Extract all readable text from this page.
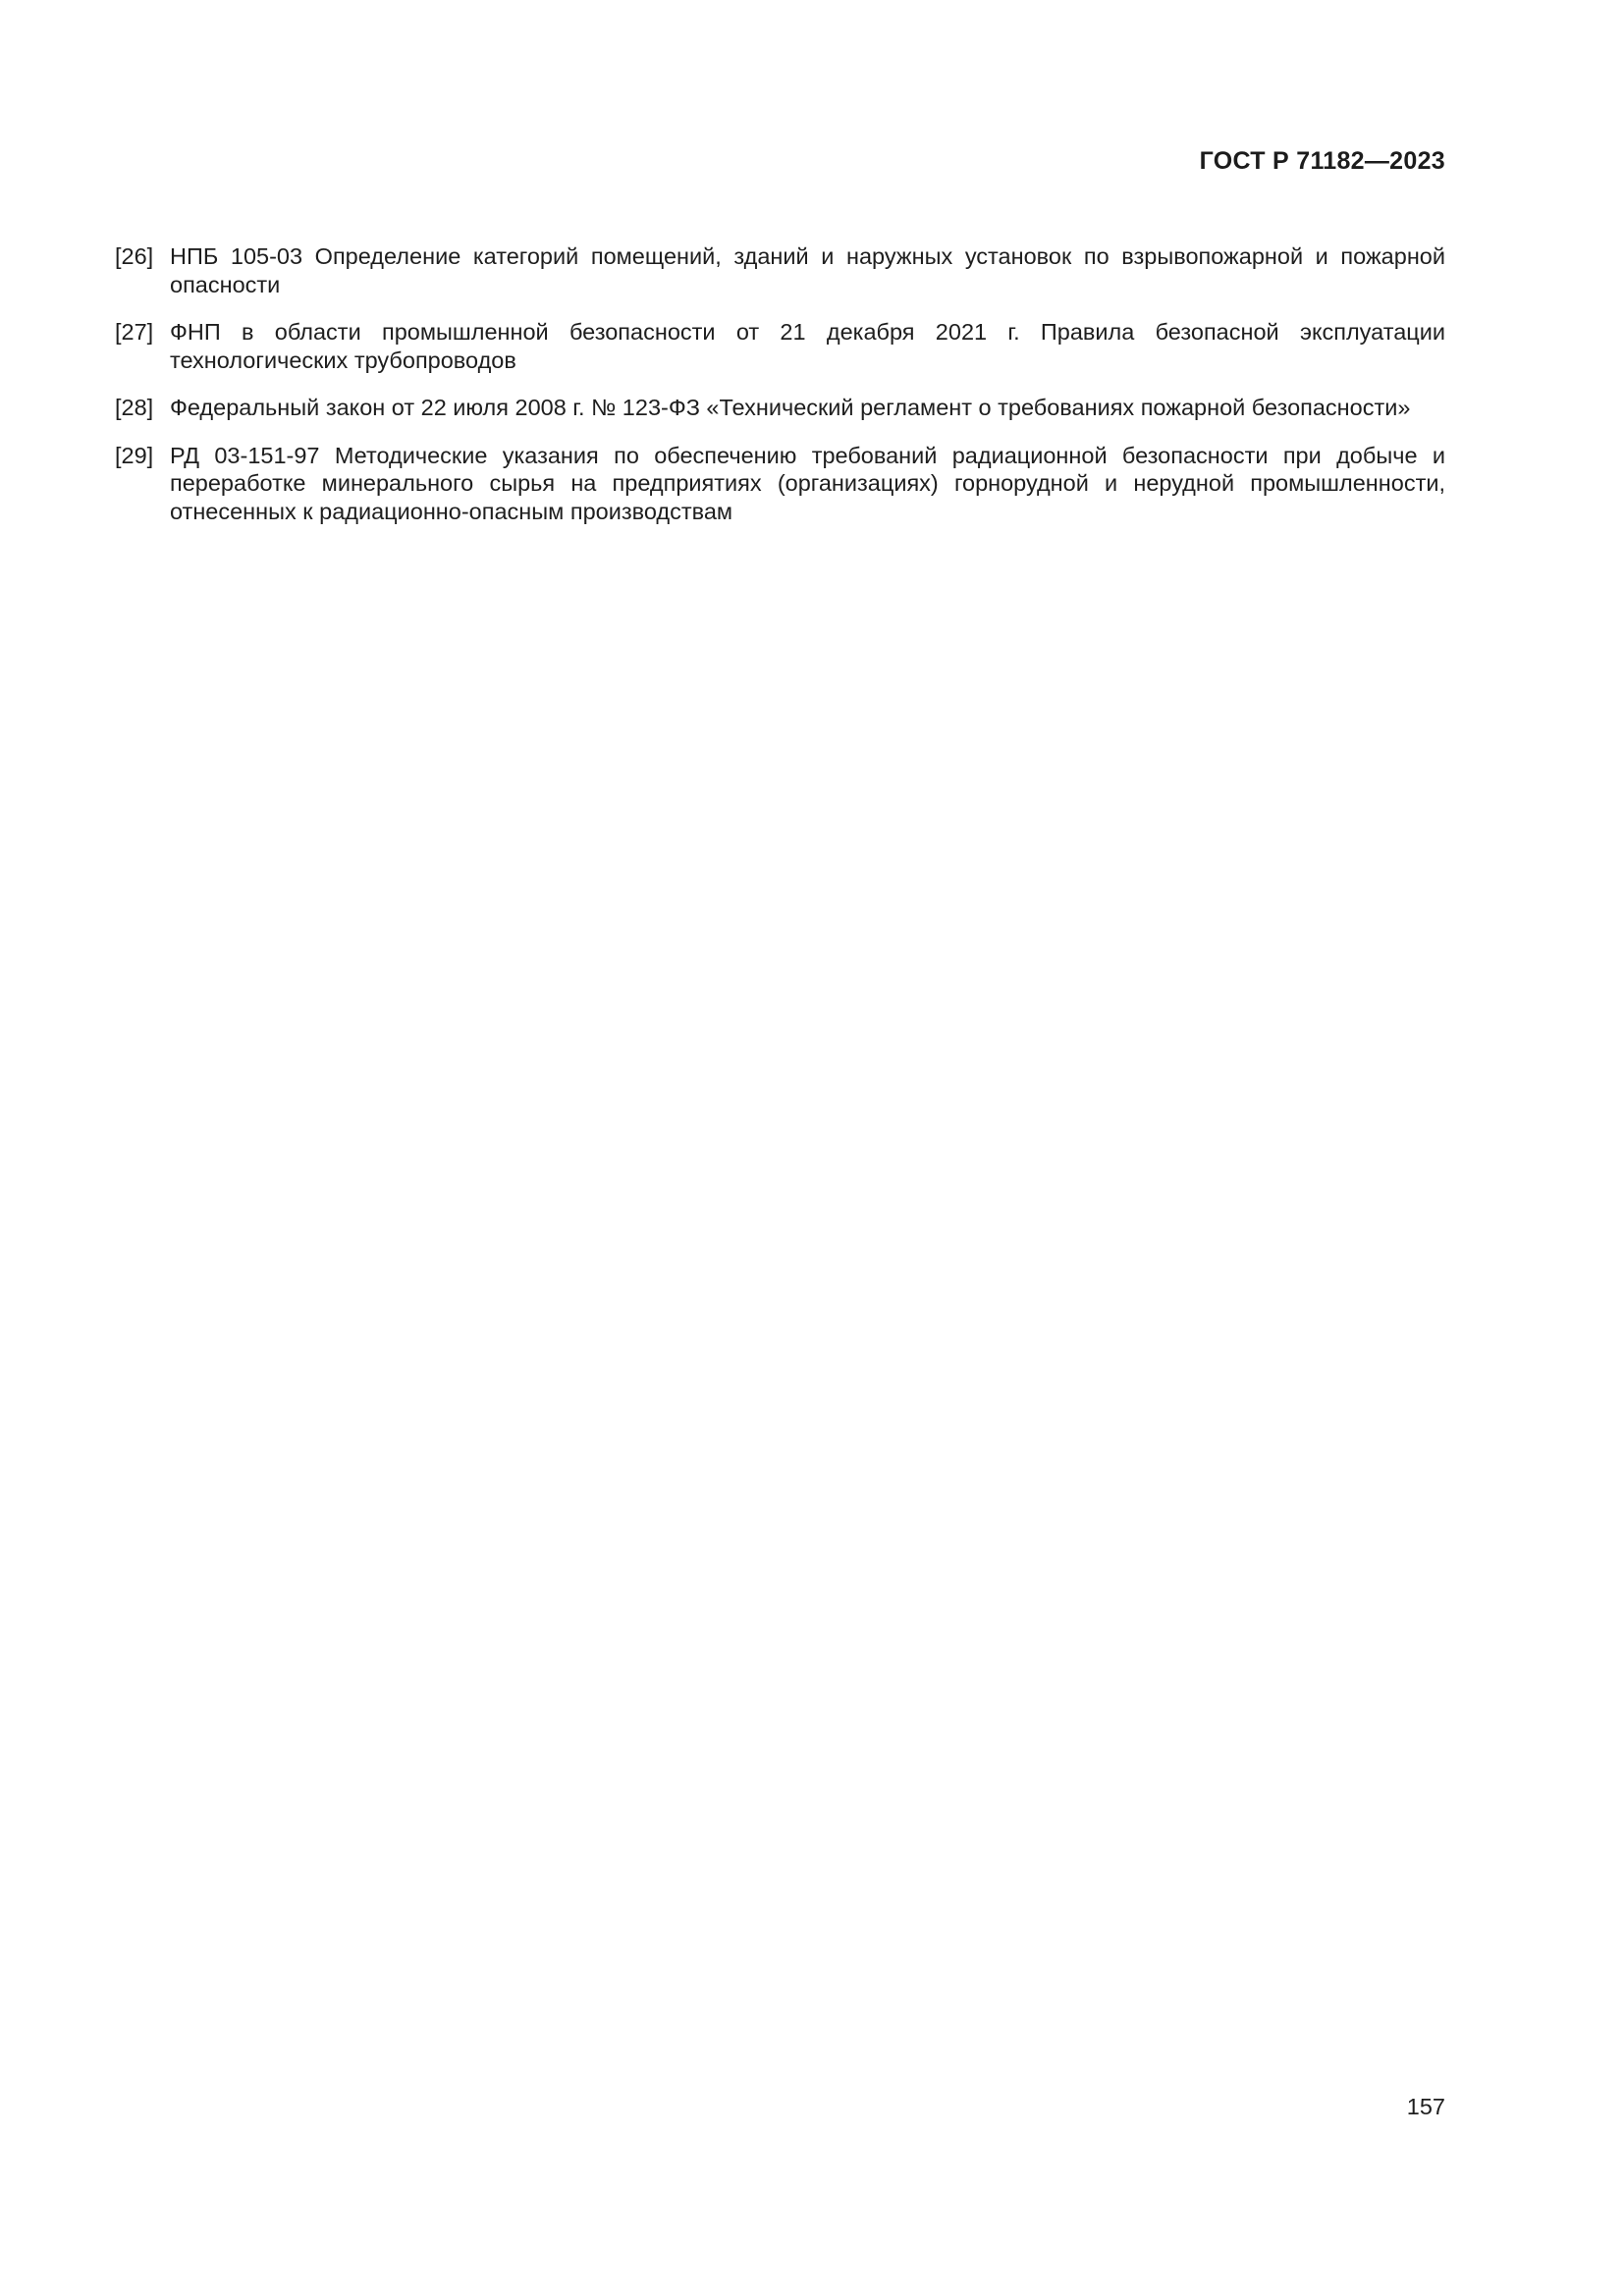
ГОСТ Р 71182—2023
[26] НПБ 105-03 Определение категорий помещений, зданий и наружных установок по взрывопожарной и пожарной опасности
[27] ФНП в области промышленной безопасности от 21 декабря 2021 г. Правила безопасной эксплуатации технологических трубопроводов
[28] Федеральный закон от 22 июля 2008 г. № 123-ФЗ «Технический регламент о требованиях пожарной безопасности»
[29] РД 03-151-97 Методические указания по обеспечению требований радиационной безопасности при добыче и переработке минерального сырья на предприятиях (организациях) горнорудной и нерудной промышленности, отнесенных к радиационно-опасным производствам
157
